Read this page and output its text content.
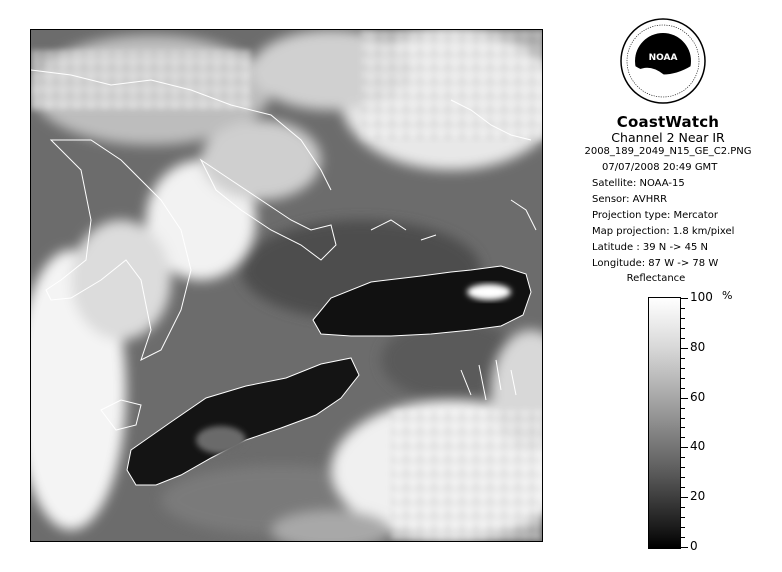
NOAA
CoastWatch
Channel 2 Near IR
2008_189_2049_N15_GE_C2.PNG
07/07/2008 20:49 GMT
Satellite: NOAA-15
Sensor: AVHRR
Projection type: Mercator
Map projection: 1.8 km/pixel
Latitude : 39 N -> 45 N
Longitude: 87 W -> 78 W
Reflectance
%
100
80
60
40
20
0
